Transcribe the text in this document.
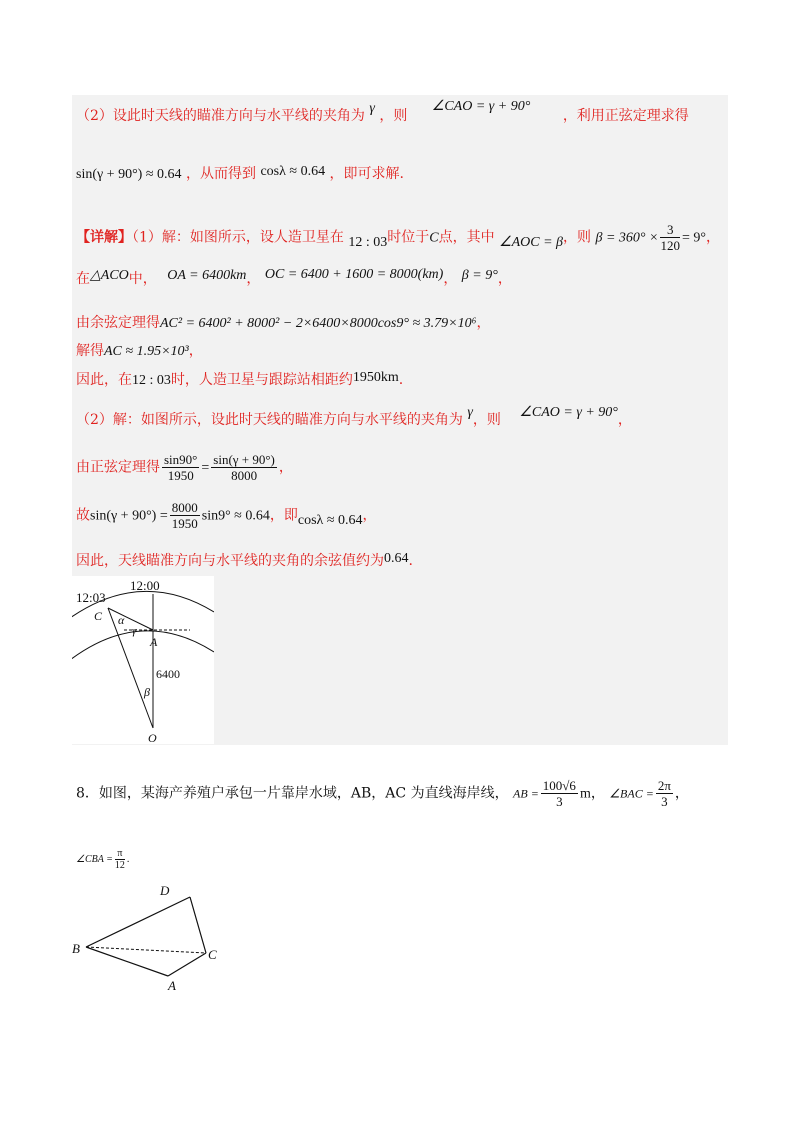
（2）设此时天线的瞄准方向与水平线的夹角为 γ ，则 ∠CAO = γ + 90° ，利用正弦定理求得
sin(γ + 90°) ≈ 0.64 ，从而得到 cosλ ≈ 0.64 ，即可求解.
【详解】（1）解：如图所示，设人造卫星在 12 : 03时位于C点，其中 ∠AOC = β，则 $\beta = 360^\circ \times \frac{3}{120} = 9^\circ$，
在△ACO中， OA = 6400km， OC = 6400 + 1600 = 8000(km)， β = 9°，
由余弦定理得AC² = 6400² + 8000² − 2×6400×8000cos9° ≈ 3.79×10⁶，
解得AC ≈ 1.95×10³，
因此，在12 : 03时，人造卫星与跟踪站相距约1950km.
（2）解：如图所示，设此时天线的瞄准方向与水平线的夹角为 γ，则 ∠CAO = γ + 90°，
由正弦定理得 $\frac{\sin 90^\circ}{1950} = \frac{\sin(\gamma + 90^\circ)}{8000}$ ，
故$\sin(\gamma + 90^\circ) = \frac{8000}{1950} \sin 9^\circ \approx 0.64$，即cosλ ≈ 0.64，
因此，天线瞄准方向与水平线的夹角的余弦值约为0.64.
12:00
12:03
C α
γ
A
6400
β
O
8．如图，某海产养殖户承包一片靠岸水域，AB，AC 为直线海岸线， AB = $\frac{100√6}{3}$ m， ∠BAC = $\frac{2\pi}{3}$ ，
∠CBA = $\frac{\pi}{12}$ .
D
B	C
A
